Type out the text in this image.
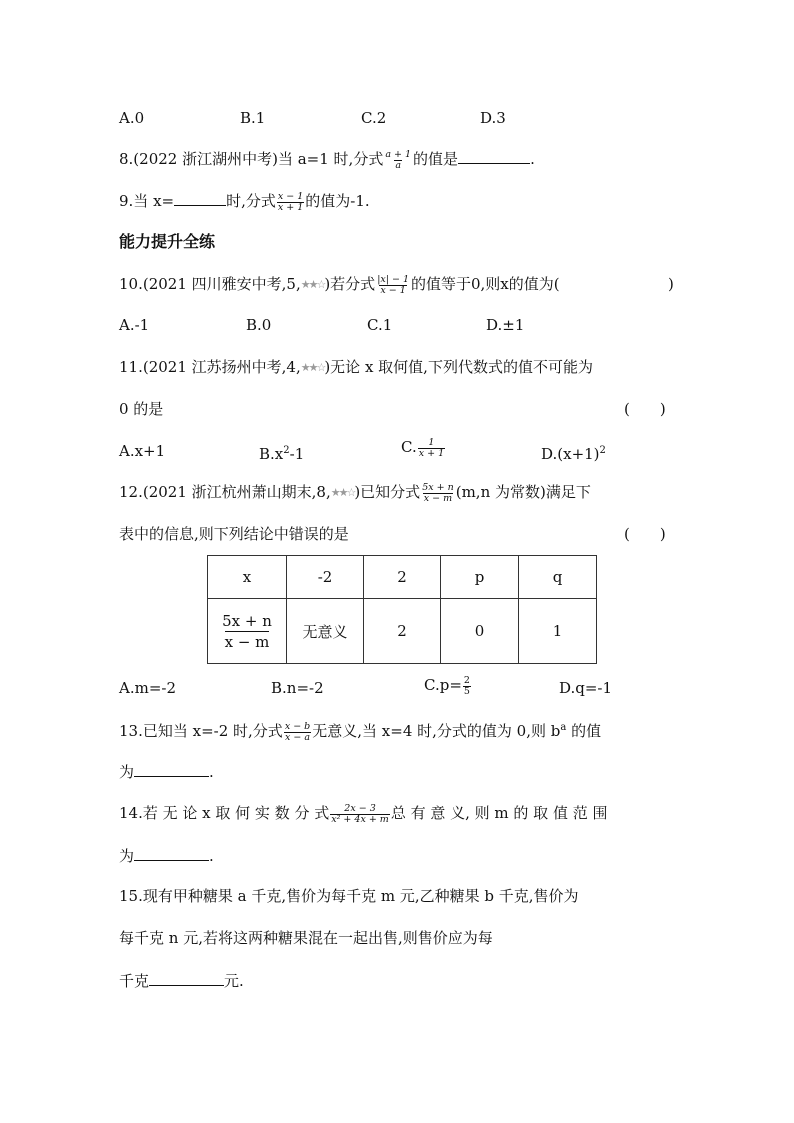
A.0	B.1	C.2	D.3
8.(2022 浙江湖州中考)当 a=1 时,分式 $\frac{a + 1}{a}$ 的值是	.
9.当 x=	时,分式 $\frac{x - 1}{x + 1}$ 的值为-1.
能力提升全练
10.(2021 四川雅安中考,5,★★☆)若分式 $\frac{|x| - 1}{x - 1}$ 的值等于0,则x的值为(	)
A.-1	B.0	C.1	D.±1
11.(2021 江苏扬州中考,4,★★☆)无论 x 取何值,下列代数式的值不可能为
0 的是	(　　)
A.x+1	$B.x^2-1$	C. $\frac{1}{x + 1}$	$D.(x+1)^2$
12.(2021 浙江杭州萧山期末,8,★★☆)已知分式 $\frac{5x + n}{x - m} (m,n$ 为常数)满足下
表中的信息,则下列结论中错误的是	(　　)
x	-2	2	p	q

$\frac{5x + n}{x - m}$	无意义	2	0	1
A.m=-2	B.n=-2	$C.p= \frac{2}{5}$	D.q=-1
13.已知当 x=-2 时,分式 $\frac{x - b}{x - a}$ 无意义,当 x=4 时,分式的值为 0,则 $b^a$ 的值
为	.
14.若 无 论 x 取 何 实 数 分 式 $\frac{2x - 3}{\text{x² + 4x + m}}$ 总 有 意 义, 则 m 的 取 值 范 围
为	.
15.现有甲种糖果 a 千克,售价为每千克 m 元,乙种糖果 b 千克,售价为
每千克 n 元,若将这两种糖果混在一起出售,则售价应为每
千克	元.
